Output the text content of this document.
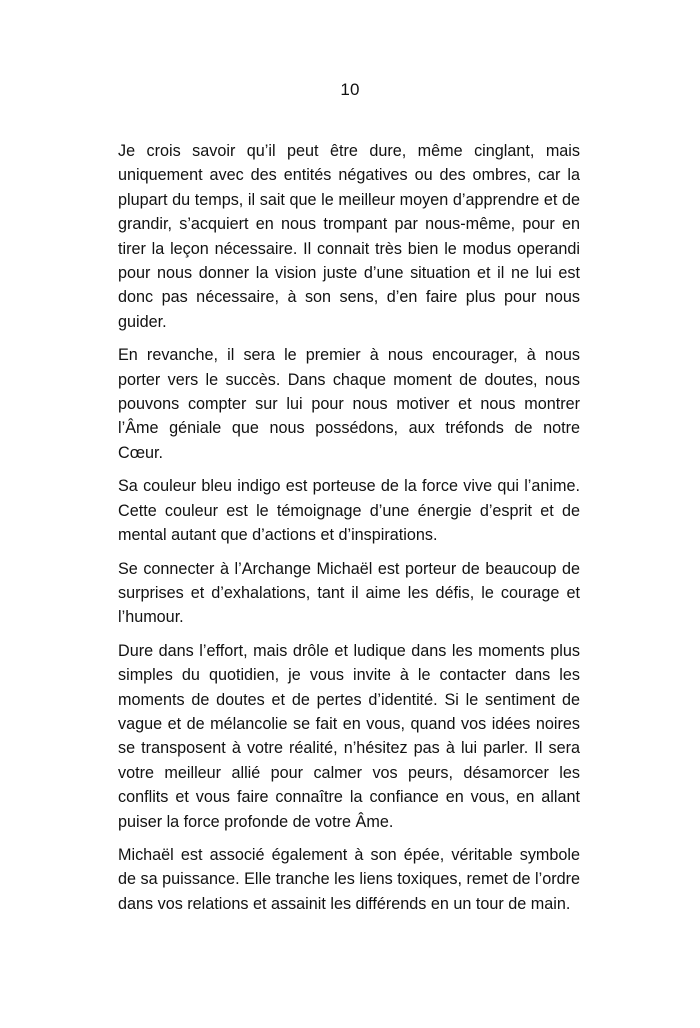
10

Je crois savoir qu’il peut être dure, même cinglant, mais uniquement avec des entités négatives ou des ombres, car la plupart du temps, il sait que le meilleur moyen d’apprendre et de grandir, s’acquiert en nous trompant par nous-même, pour en tirer la leçon nécessaire. Il connait très bien le modus operandi pour nous donner la vision juste d’une situation et il ne lui est donc pas nécessaire, à son sens, d’en faire plus pour nous guider.

En revanche, il sera le premier à nous encourager, à nous porter vers le succès. Dans chaque moment de doutes, nous pouvons compter sur lui pour nous motiver et nous montrer l’Âme géniale que nous possédons, aux tréfonds de notre Cœur.

Sa couleur bleu indigo est porteuse de la force vive qui l’anime. Cette couleur est le témoignage d’une énergie d’esprit et de mental autant que d’actions et d’inspirations.

Se connecter à l’Archange Michaël est porteur de beaucoup de surprises et d’exhalations, tant il aime les défis, le courage et l’humour.

Dure dans l’effort, mais drôle et ludique dans les moments plus simples du quotidien, je vous invite à le contacter dans les moments de doutes et de pertes d’identité. Si le sentiment de vague et de mélancolie se fait en vous, quand vos idées noires se transposent à votre réalité, n’hésitez pas à lui parler. Il sera votre meilleur allié pour calmer vos peurs, désamorcer les conflits et vous faire connaître la confiance en vous, en allant puiser la force profonde de votre Âme.

Michaël est associé également à son épée, véritable symbole de sa puissance. Elle tranche les liens toxiques, remet de l’ordre dans vos relations et assainit les différends en un tour de main.
